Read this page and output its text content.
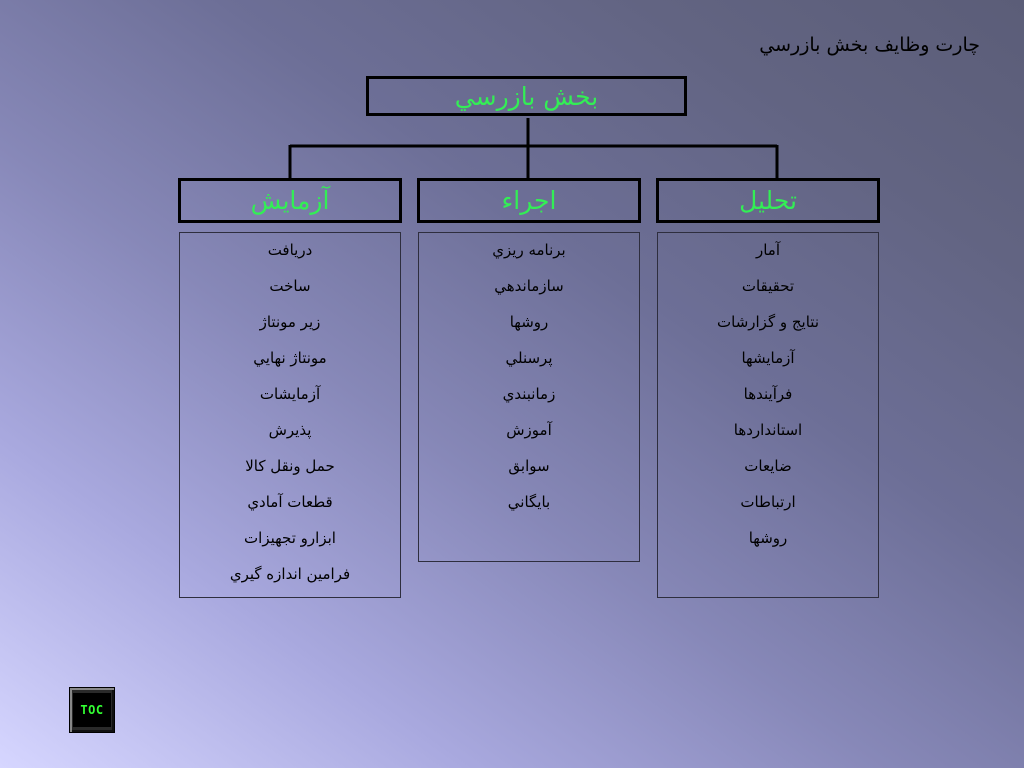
چارت وظايف بخش بازرسي
بخش بازرسي
تحليل
اجراء
آزمايش
آمار
تحقيقات
نتايج و گزارشات
آزمايشها
فرآيندها
استانداردها
ضايعات
ارتباطات
روشها
برنامه ريزي
سازماندهي
روشها
پرسنلي
زمانبندي
آموزش
سوابق
بايگاني
دريافت
ساخت
زير مونتاژ
مونتاژ نهايي
آزمايشات
پذيرش
حمل ونقل كالا
قطعات آمادي
ابزارو تجهيزات
فرامين اندازه گيري
TOC
